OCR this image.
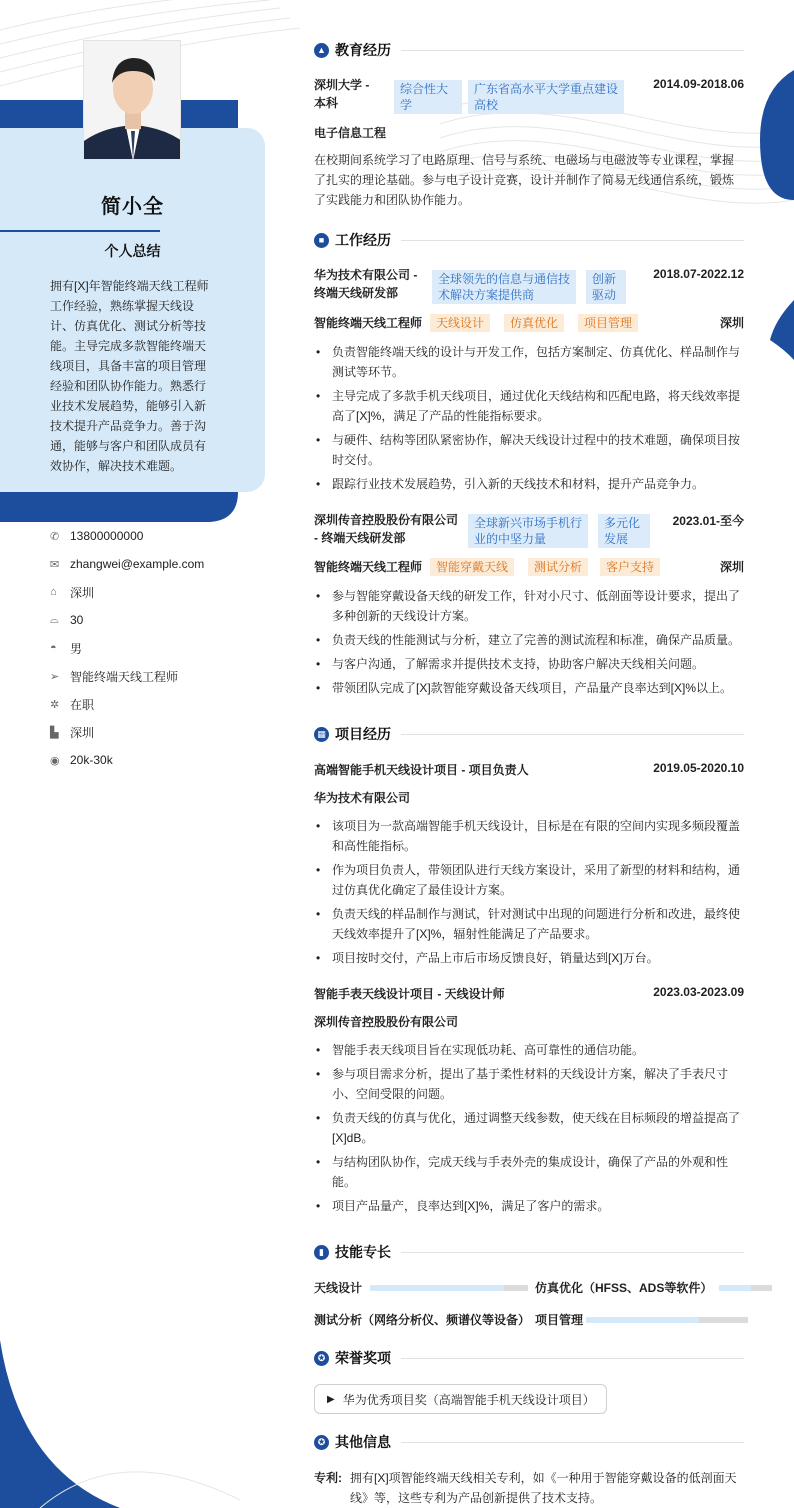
简小全
个人总结
拥有[X]年智能终端天线工程师工作经验，熟练掌握天线设计、仿真优化、测试分析等技能。主导完成多款智能终端天线项目，具备丰富的项目管理经验和团队协作能力。熟悉行业技术发展趋势，能够引入新技术提升产品竞争力。善于沟通，能够与客户和团队成员有效协作，解决技术难题。
✆ 13800000000
✉ zhangwei@example.com
⌂	深圳
⌓ 30
◓	男
➢ 智能终端天线工程师
✲ 在职
▙ 深圳
◉ 20k-30k
▲ 教育经历
深圳大学 - 本科
综合性大学
广东省高水平大学重点建设高校
2014.09-2018.06
电子信息工程
在校期间系统学习了电路原理、信号与系统、电磁场与电磁波等专业课程，掌握了扎实的理论基础。参与电子设计竞赛，设计并制作了简易无线通信系统，锻炼了实践能力和团队协作能力。
■ 工作经历
华为技术有限公司 - 终端天线研发部
全球领先的信息与通信技术解决方案提供商
创新驱动
2018.07-2022.12
智能终端天线工程师	天线设计	仿真优化	项目管理	深圳
• 负责智能终端天线的设计与开发工作，包括方案制定、仿真优化、样品制作与测试等环节。
• 主导完成了多款手机天线项目，通过优化天线结构和匹配电路，将天线效率提高了[X]%，满足了产品的性能指标要求。
• 与硬件、结构等团队紧密协作，解决天线设计过程中的技术难题，确保项目按时交付。
• 跟踪行业技术发展趋势，引入新的天线技术和材料，提升产品竞争力。
深圳传音控股股份有限公司 - 终端天线研发部
全球新兴市场手机行业的中坚力量
多元化发展
2023.01-至今
智能终端天线工程师	智能穿戴天线	测试分析	客户支持	深圳
• 参与智能穿戴设备天线的研发工作，针对小尺寸、低剖面等设计要求，提出了多种创新的天线设计方案。
• 负责天线的性能测试与分析，建立了完善的测试流程和标准，确保产品质量。
• 与客户沟通，了解需求并提供技术支持，协助客户解决天线相关问题。
• 带领团队完成了[X]款智能穿戴设备天线项目，产品量产良率达到[X]%以上。
▦ 项目经历
高端智能手机天线设计项目 - 项目负责人	2019.05-2020.10
华为技术有限公司
• 该项目为一款高端智能手机天线设计，目标是在有限的空间内实现多频段覆盖和高性能指标。
• 作为项目负责人，带领团队进行天线方案设计，采用了新型的材料和结构，通过仿真优化确定了最佳设计方案。
• 负责天线的样品制作与测试，针对测试中出现的问题进行分析和改进，最终使天线效率提升了[X]%，辐射性能满足了产品要求。
• 项目按时交付，产品上市后市场反馈良好，销量达到[X]万台。
智能手表天线设计项目 - 天线设计师	2023.03-2023.09
深圳传音控股股份有限公司
• 智能手表天线项目旨在实现低功耗、高可靠性的通信功能。
• 参与项目需求分析，提出了基于柔性材料的天线设计方案，解决了手表尺寸小、空间受限的问题。
• 负责天线的仿真与优化，通过调整天线参数，使天线在目标频段的增益提高了[X]dB。
• 与结构团队协作，完成天线与手表外壳的集成设计，确保了产品的外观和性能。
• 项目产品量产，良率达到[X]%，满足了客户的需求。
▮ 技能专长
天线设计	仿真优化（HFSS、ADS等软件）
测试分析（网络分析仪、频谱仪等设备） 项目管理
✪ 荣誉奖项
▶ 华为优秀项目奖（高端智能手机天线设计项目）
✪ 其他信息
专利: 拥有[X]项智能终端天线相关专利，如《一种用于智能穿戴设备的低剖面天线》等，这些专利为产品创新提供了技术支持。
